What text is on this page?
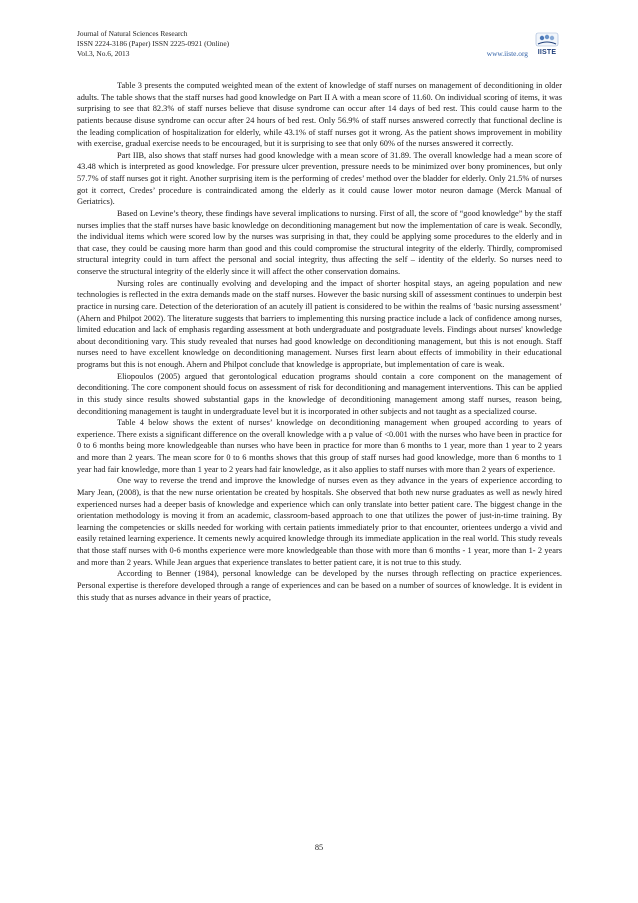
Journal of Natural Sciences Research
ISSN 2224-3186 (Paper) ISSN 2225-0921 (Online)
Vol.3, No.6, 2013	www.iiste.org	IISTE

Table 3 presents the computed weighted mean of the extent of knowledge of staff nurses on management of deconditioning in older adults. The table shows that the staff nurses had good knowledge on Part II A with a mean score of 11.60. On individual scoring of items, it was surprising to see that 82.3% of staff nurses believe that disuse syndrome can occur after 14 days of bed rest. This could cause harm to the patients because disuse syndrome can occur after 24 hours of bed rest. Only 56.9% of staff nurses answered correctly that functional decline is the leading complication of hospitalization for elderly, while 43.1% of staff nurses got it wrong. As the patient shows improvement in mobility with exercise, gradual exercise needs to be encouraged, but it is surprising to see that only 60% of the nurses answered it correctly.

Part IIB, also shows that staff nurses had good knowledge with a mean score of 31.89. The overall knowledge had a mean score of 43.48 which is interpreted as good knowledge. For pressure ulcer prevention, pressure needs to be minimized over bony prominences, but only 57.7% of staff nurses got it right. Another surprising item is the performing of credes’ method over the bladder for elderly. Only 21.5% of nurses got it correct, Credes’ procedure is contraindicated among the elderly as it could cause lower motor neuron damage (Merck Manual of Geriatrics).

Based on Levine’s theory, these findings have several implications to nursing. First of all, the score of “good knowledge” by the staff nurses implies that the staff nurses have basic knowledge on deconditioning management but now the implementation of care is weak. Secondly, the individual items which were scored low by the nurses was surprising in that, they could be applying some procedures to the elderly and in that case, they could be causing more harm than good and this could compromise the structural integrity of the elderly. Thirdly, compromised structural integrity could in turn affect the personal and social integrity, thus affecting the self – identity of the elderly. So nurses need to conserve the structural integrity of the elderly since it will affect the other conservation domains.

Nursing roles are continually evolving and developing and the impact of shorter hospital stays, an ageing population and new technologies is reflected in the extra demands made on the staff nurses. However the basic nursing skill of assessment continues to underpin best practice in nursing care. Detection of the deterioration of an acutely ill patient is considered to be within the realms of ‘basic nursing assessment’ (Ahern and Philpot 2002). The literature suggests that barriers to implementing this nursing practice include a lack of confidence among nurses, limited education and lack of emphasis regarding assessment at both undergraduate and postgraduate levels. Findings about nurses' knowledge about deconditioning vary. This study revealed that nurses had good knowledge on deconditioning management, but this is not enough. Staff nurses need to have excellent knowledge on deconditioning management. Nurses first learn about effects of immobility in their educational programs but this is not enough. Ahern and Philpot conclude that knowledge is appropriate, but implementation of care is weak.

Eliopoulos (2005) argued that gerontological education programs should contain a core component on the management of deconditioning. The core component should focus on assessment of risk for deconditioning and management interventions. This can be applied in this study since results showed substantial gaps in the knowledge of deconditioning management among staff nurses, reason being, deconditioning management is taught in undergraduate level but it is incorporated in other subjects and not taught as a specialized course.

Table 4 below shows the extent of nurses’ knowledge on deconditioning management when grouped according to years of experience. There exists a significant difference on the overall knowledge with a p value of <0.001 with the nurses who have been in practice for 0 to 6 months being more knowledgeable than nurses who have been in practice for more than 6 months to 1 year, more than 1 year to 2 years and more than 2 years. The mean score for 0 to 6 months shows that this group of staff nurses had good knowledge, more than 6 months to 1 year had fair knowledge, more than 1 year to 2 years had fair knowledge, as it also applies to staff nurses with more than 2 years of experience.

One way to reverse the trend and improve the knowledge of nurses even as they advance in the years of experience according to Mary Jean, (2008), is that the new nurse orientation be created by hospitals. She observed that both new nurse graduates as well as newly hired experienced nurses had a deeper basis of knowledge and experience which can only translate into better patient care. The biggest change in the orientation methodology is moving it from an academic, classroom-based approach to one that utilizes the power of just-in-time training. By learning the competencies or skills needed for working with certain patients immediately prior to that encounter, orientees undergo a vivid and easily retained learning experience. It cements newly acquired knowledge through its immediate application in the real world. This study reveals that those staff nurses with 0-6 months experience were more knowledgeable than those with more than 6 months - 1 year, more than 1- 2 years and more than 2 years. While Jean argues that experience translates to better patient care, it is not true to this study.

According to Benner (1984), personal knowledge can be developed by the nurses through reflecting on practice experiences. Personal expertise is therefore developed through a range of experiences and can be based on a number of sources of knowledge. It is evident in this study that as nurses advance in their years of practice,

85
